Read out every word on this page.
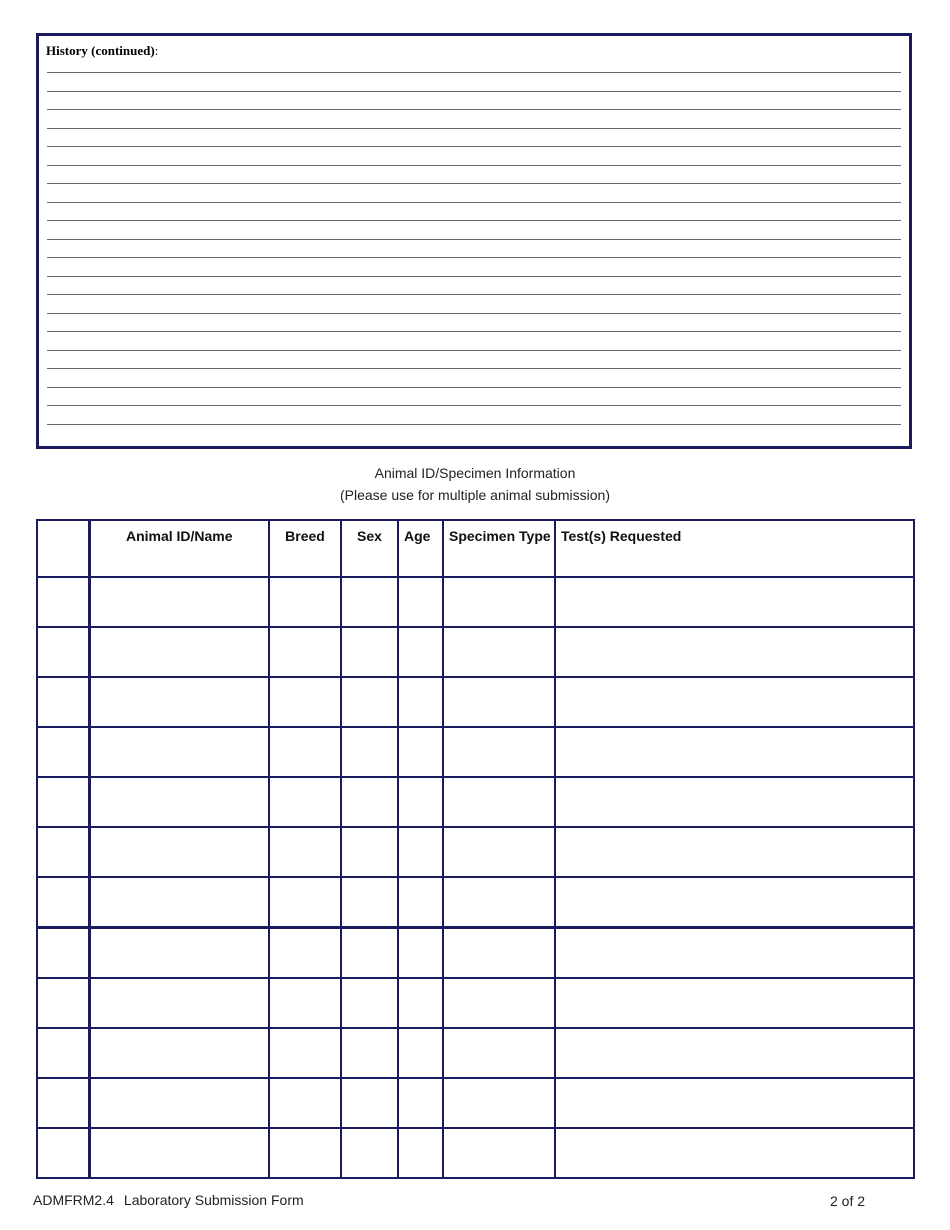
History (continued):
Animal ID/Specimen Information
(Please use for multiple animal submission)
	Animal ID/Name	Breed	Sex	Age	Specimen Type	Test(s) Requested

ADMFRM2.4 Laboratory Submission Form	2 of 2
